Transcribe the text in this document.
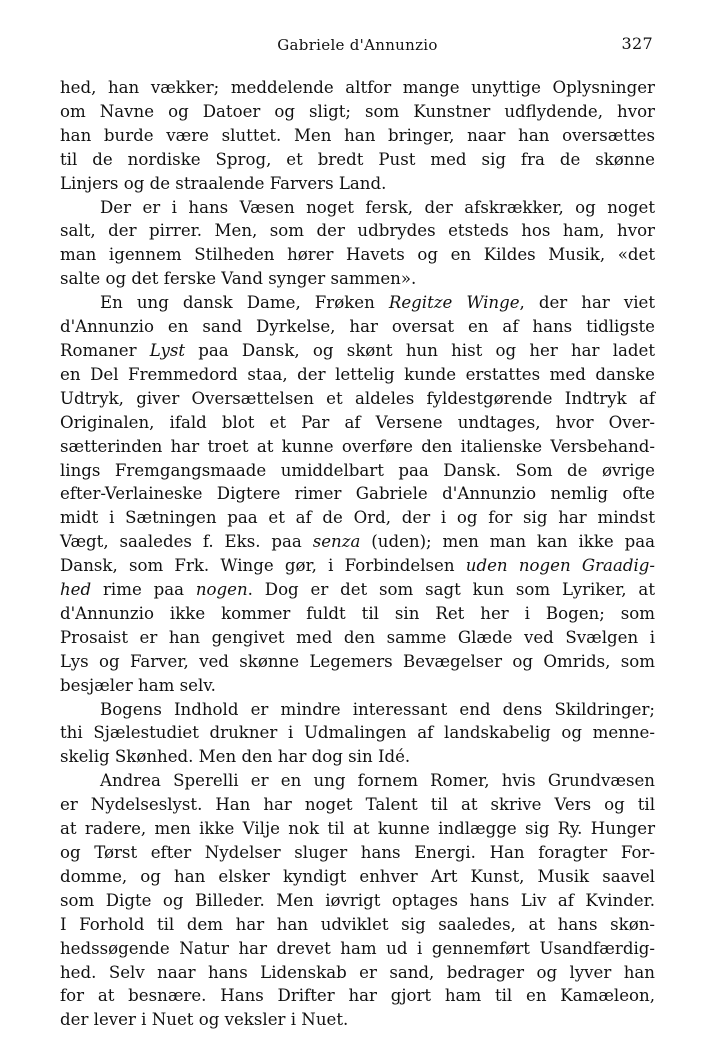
Gabriele d'Annunzio	327
hed, han vækker; meddelende altfor mange unyttige Oplysninger
om Navne og Datoer og sligt; som Kunstner udflydende, hvor
han burde være sluttet. Men han bringer, naar han oversættes
til de nordiske Sprog, et bredt Pust med sig fra de skønne
Linjers og de straalende Farvers Land.
Der er i hans Væsen noget fersk, der afskrækker, og noget
salt, der pirrer. Men, som der udbrydes etsteds hos ham, hvor
man igennem Stilheden hører Havets og en Kildes Musik, «det
salte og det ferske Vand synger sammen».
En ung dansk Dame, Frøken Regitze Winge, der har viet
d'Annunzio en sand Dyrkelse, har oversat en af hans tidligste
Romaner Lyst paa Dansk, og skønt hun hist og her har ladet
en Del Fremmedord staa, der lettelig kunde erstattes med danske
Udtryk, giver Oversættelsen et aldeles fyldestgørende Indtryk af
Originalen, ifald blot et Par af Versene undtages, hvor Over-
sætterinden har troet at kunne overføre den italienske Versbehand-
lings Fremgangsmaade umiddelbart paa Dansk. Som de øvrige
efter-Verlaineske Digtere rimer Gabriele d'Annunzio nemlig ofte
midt i Sætningen paa et af de Ord, der i og for sig har mindst
Vægt, saaledes f. Eks. paa senza (uden); men man kan ikke paa
Dansk, som Frk. Winge gør, i Forbindelsen uden nogen Graadig-
hed rime paa nogen. Dog er det som sagt kun som Lyriker, at
d'Annunzio ikke kommer fuldt til sin Ret her i Bogen; som
Prosaist er han gengivet med den samme Glæde ved Svælgen i
Lys og Farver, ved skønne Legemers Bevægelser og Omrids, som
besjæler ham selv.
Bogens Indhold er mindre interessant end dens Skildringer;
thi Sjælestudiet drukner i Udmalingen af landskabelig og menne-
skelig Skønhed. Men den har dog sin Idé.
Andrea Sperelli er en ung fornem Romer, hvis Grundvæsen
er Nydelseslyst. Han har noget Talent til at skrive Vers og til
at radere, men ikke Vilje nok til at kunne indlægge sig Ry. Hunger
og Tørst efter Nydelser sluger hans Energi. Han foragter For-
domme, og han elsker kyndigt enhver Art Kunst, Musik saavel
som Digte og Billeder. Men iøvrigt optages hans Liv af Kvinder.
I Forhold til dem har han udviklet sig saaledes, at hans skøn-
hedssøgende Natur har drevet ham ud i gennemført Usandfærdig-
hed. Selv naar hans Lidenskab er sand, bedrager og lyver han
for at besnære. Hans Drifter har gjort ham til en Kamæleon,
der lever i Nuet og veksler i Nuet.
